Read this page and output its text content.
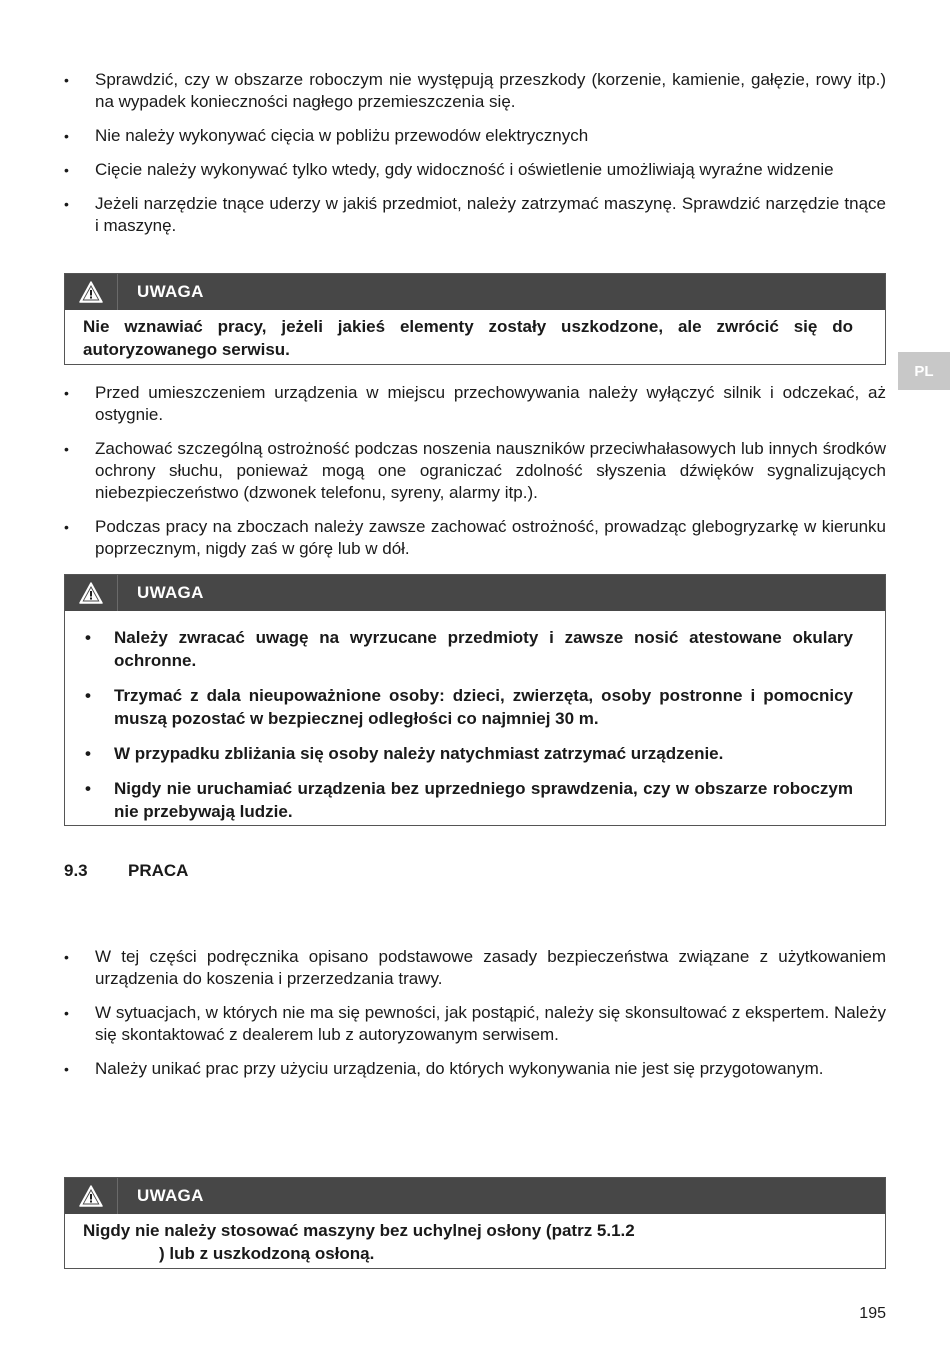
• Sprawdzić, czy w obszarze roboczym nie występują przeszkody (korzenie, kamienie, gałęzie, rowy itp.) na wypadek konieczności nagłego przemieszczenia się.
• Nie należy wykonywać cięcia w pobliżu przewodów elektrycznych
• Cięcie należy wykonywać tylko wtedy, gdy widoczność i oświetlenie umożliwiają wyraźne widzenie
• Jeżeli narzędzie tnące uderzy w jakiś przedmiot, należy zatrzymać maszynę. Sprawdzić narzędzie tnące i maszynę.
UWAGA
Nie wznawiać pracy, jeżeli jakieś elementy zostały uszkodzone, ale zwrócić się do autoryzowanego serwisu.
• Przed umieszczeniem urządzenia w miejscu przechowywania należy wyłączyć silnik i odczekać, aż ostygnie.
• Zachować szczególną ostrożność podczas noszenia nauszników przeciwhałasowych lub innych środków ochrony słuchu, ponieważ mogą one ograniczać zdolność słyszenia dźwięków sygnalizujących niebezpieczeństwo (dzwonek telefonu, syreny, alarmy itp.).
• Podczas pracy na zboczach należy zawsze zachować ostrożność, prowadząc glebogryzarkę w kierunku poprzecznym, nigdy zaś w górę lub w dół.
UWAGA
• Należy zwracać uwagę na wyrzucane przedmioty i zawsze nosić atestowane okulary ochronne.
• Trzymać z dala nieupoważnione osoby: dzieci, zwierzęta, osoby postronne i pomocnicy muszą pozostać w bezpiecznej odległości co najmniej 30 m.
• W przypadku zbliżania się osoby należy natychmiast zatrzymać urządzenie.
• Nigdy nie uruchamiać urządzenia bez uprzedniego sprawdzenia, czy w obszarze roboczym nie przebywają ludzie.
9.3	PRACA
• W tej części podręcznika opisano podstawowe zasady bezpieczeństwa związane z użytkowaniem urządzenia do koszenia i przerzedzania trawy.
• W sytuacjach, w których nie ma się pewności, jak postąpić, należy się skonsultować z ekspertem. Należy się skontaktować z dealerem lub z autoryzowanym serwisem.
• Należy unikać prac przy użyciu urządzenia, do których wykonywania nie jest się przygotowanym.
UWAGA
Nigdy nie należy stosować maszyny bez uchylnej osłony (patrz 5.1.2
) lub z uszkodzoną osłoną.
PL
195
